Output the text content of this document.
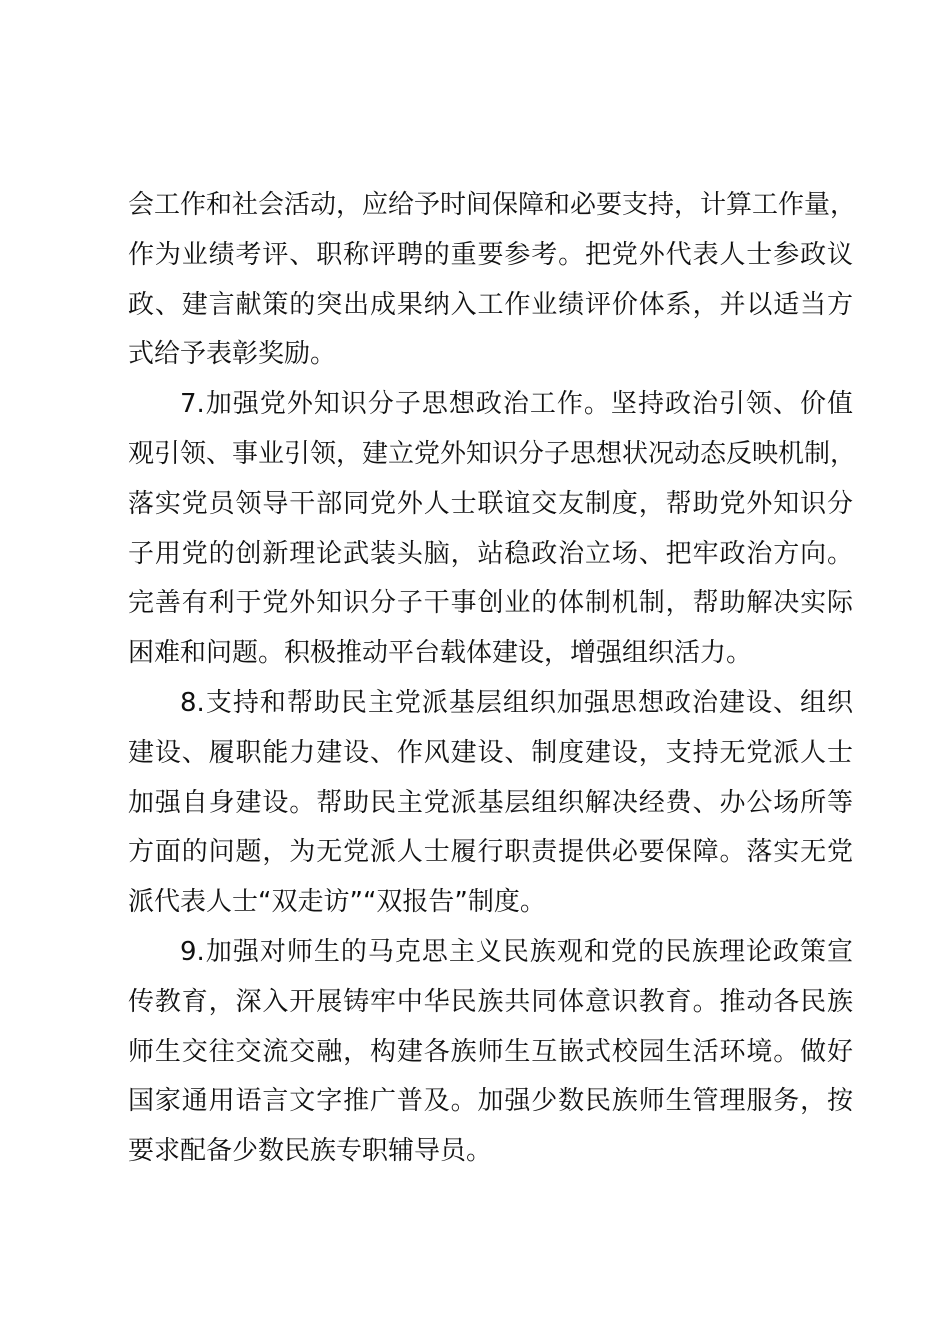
会工作和社会活动，应给予时间保障和必要支持，计算工作量，
作为业绩考评、职称评聘的重要参考。把党外代表人士参政议
政、建言献策的突出成果纳入工作业绩评价体系，并以适当方
式给予表彰奖励。
7.加强党外知识分子思想政治工作。坚持政治引领、价值
观引领、事业引领，建立党外知识分子思想状况动态反映机制，
落实党员领导干部同党外人士联谊交友制度，帮助党外知识分
子用党的创新理论武装头脑，站稳政治立场、把牢政治方向。
完善有利于党外知识分子干事创业的体制机制，帮助解决实际
困难和问题。积极推动平台载体建设，增强组织活力。
8.支持和帮助民主党派基层组织加强思想政治建设、组织
建设、履职能力建设、作风建设、制度建设，支持无党派人士
加强自身建设。帮助民主党派基层组织解决经费、办公场所等
方面的问题，为无党派人士履行职责提供必要保障。落实无党
派代表人士“双走访”“双报告”制度。
9.加强对师生的马克思主义民族观和党的民族理论政策宣
传教育，深入开展铸牢中华民族共同体意识教育。推动各民族
师生交往交流交融，构建各族师生互嵌式校园生活环境。做好
国家通用语言文字推广普及。加强少数民族师生管理服务，按
要求配备少数民族专职辅导员。
